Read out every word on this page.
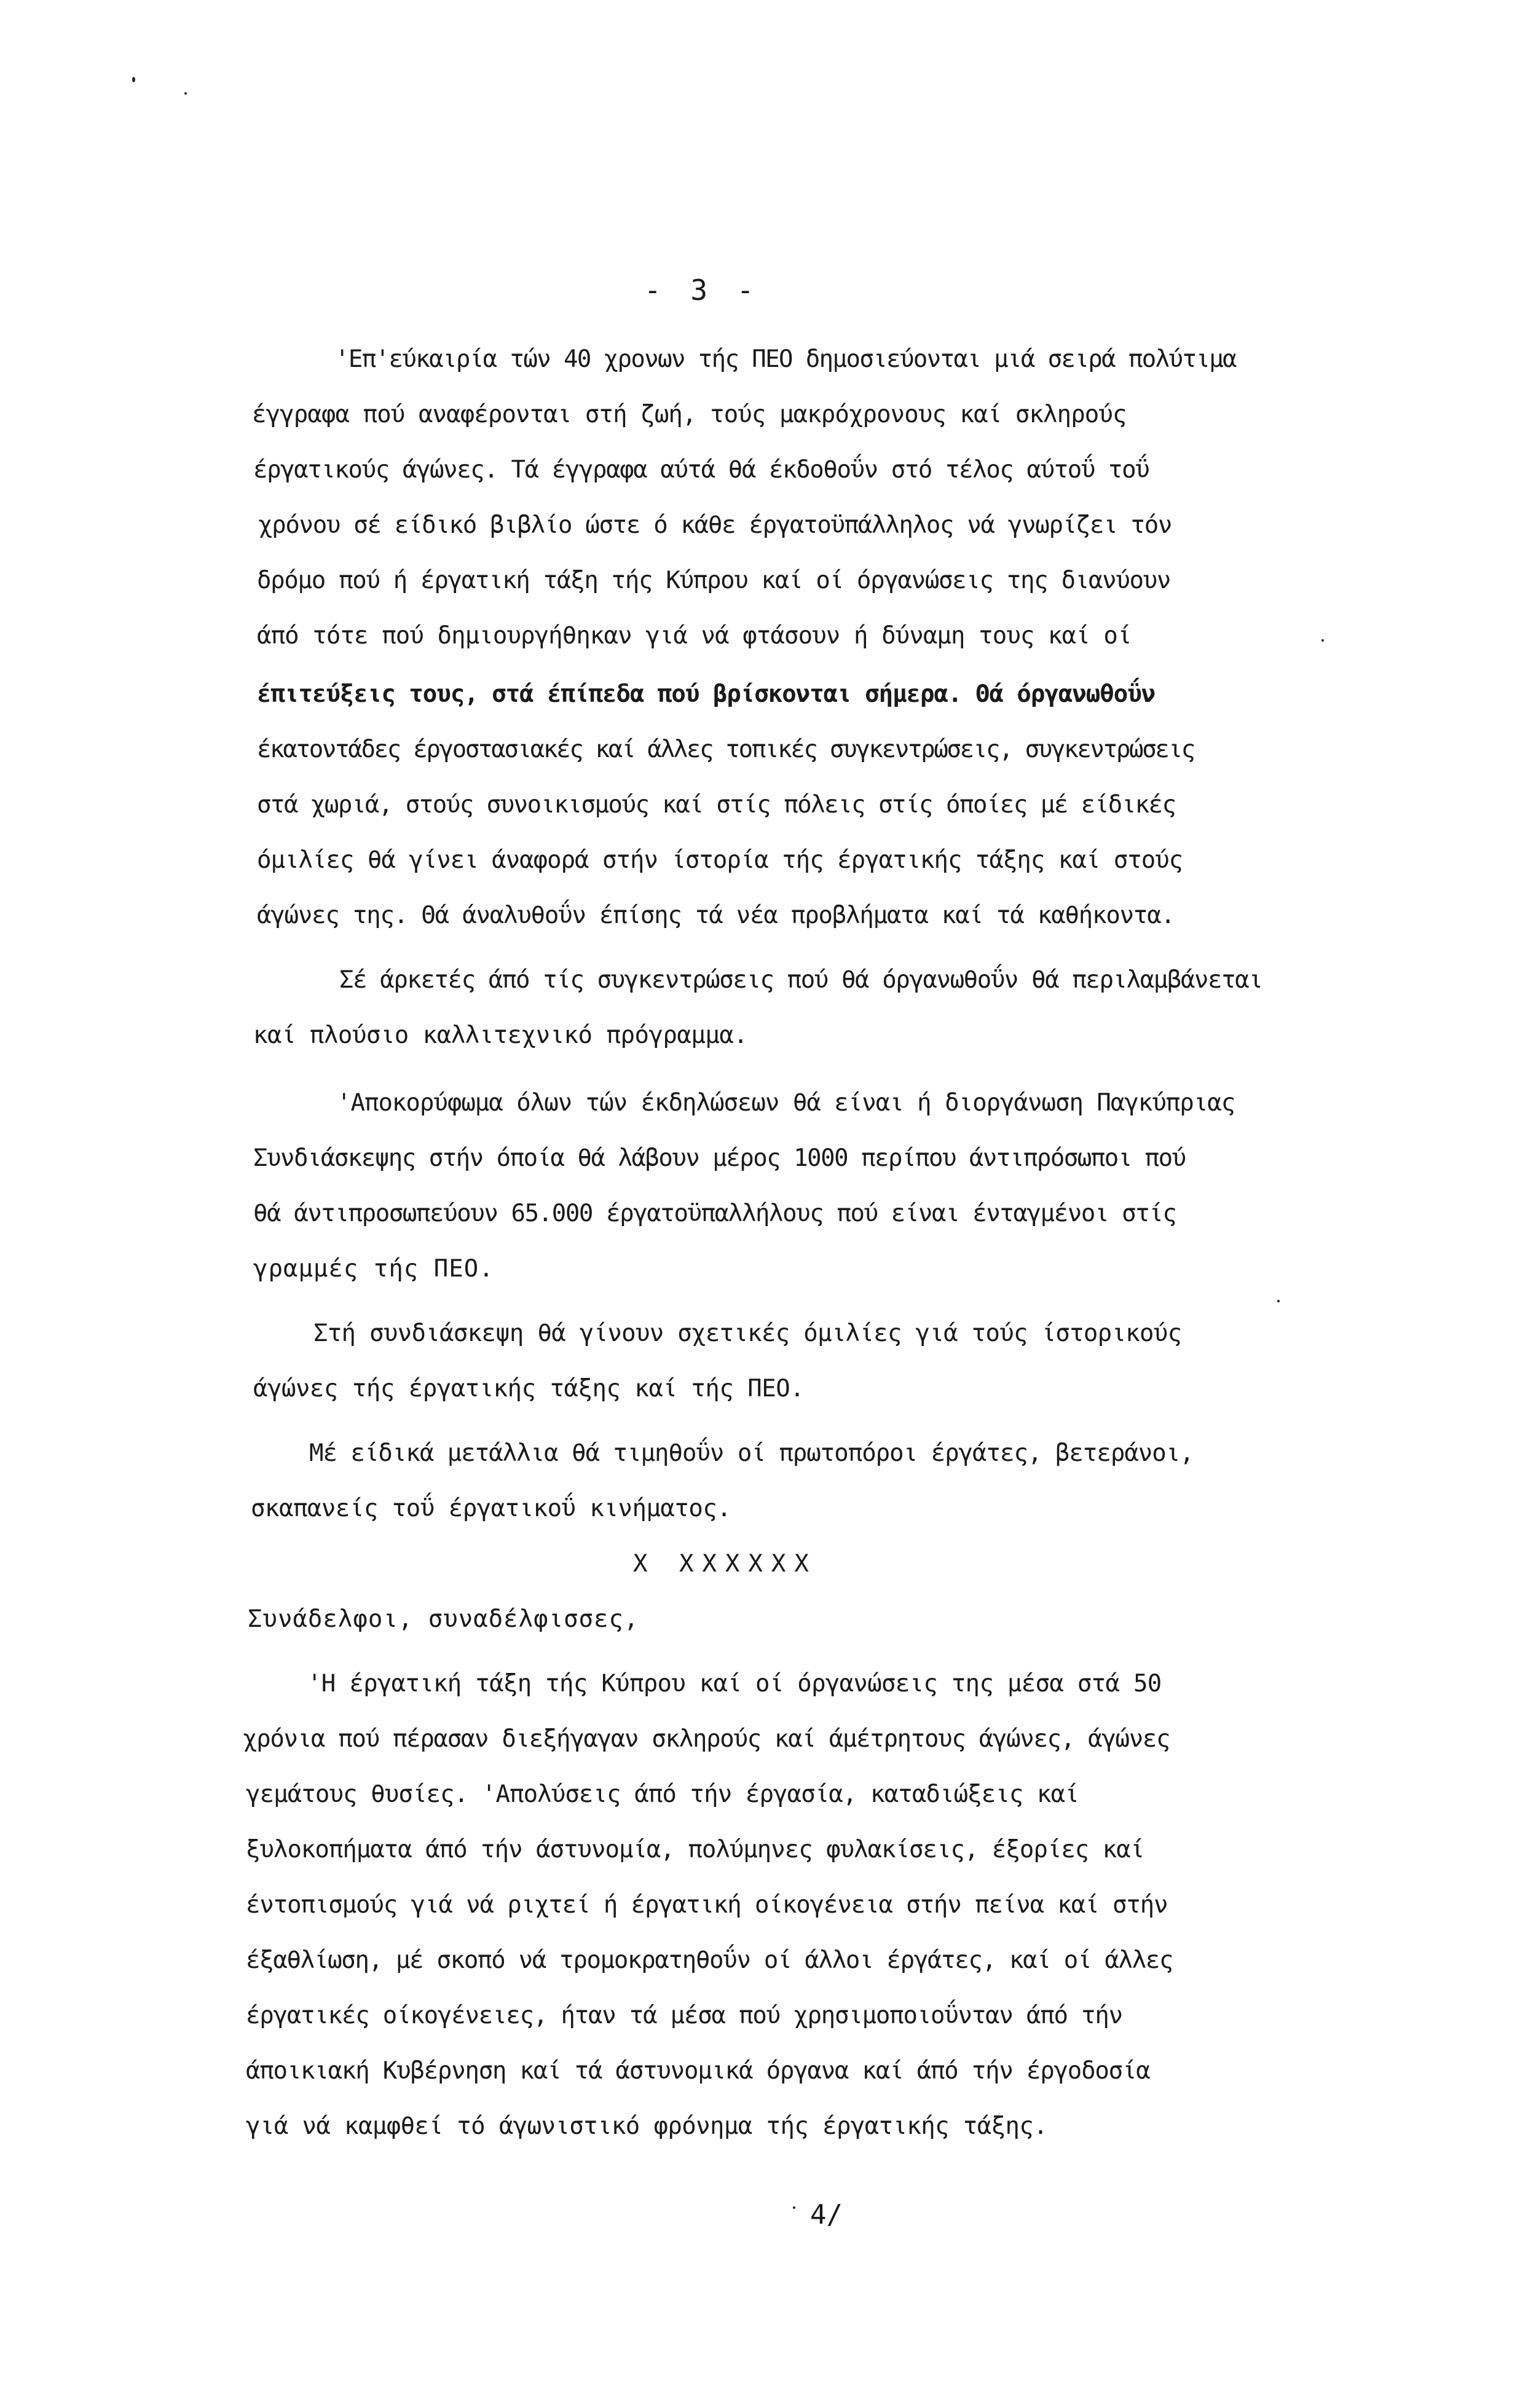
- 3 -
'Επ'εύκαιρία τών 40 χρονων τής ΠΕΟ δημοσιεύονται μιά σειρά πολύτιμα
έγγραφα πού αναφέρονται στή ζωή, τούς μακρόχρονους καί σκληρούς
έργατικούς άγώνες. Τά έγγραφα αύτά θά έκδοθοΰν στό τέλος αύτοΰ τοΰ
χρόνου σέ είδικό βιβλίο ώστε ό κάθε έργατοϋπάλληλος νά γνωρίζει τόν
δρόμο πού ή έργατική τάξη τής Κύπρου καί οί όργανώσεις της διανύουν
άπό τότε πού δημιουργήθηκαν γιά νά φτάσουν ή δύναμη τους καί οί
έπιτεύξεις τους, στά έπίπεδα πού βρίσκονται σήμερα. Θά όργανωθοΰν
έκατοντάδες έργοστασιακές καί άλλες τοπικές συγκεντρώσεις, συγκεντρώσεις
στά χωριά, στούς συνοικισμούς καί στίς πόλεις στίς όποίες μέ είδικές
όμιλίες θά γίνει άναφορά στήν ίστορία τής έργατικής τάξης καί στούς
άγώνες της. Θά άναλυθοΰν έπίσης τά νέα προβλήματα καί τά καθήκοντα.
Σέ άρκετές άπό τίς συγκεντρώσεις πού θά όργανωθοΰν θά περιλαμβάνεται
καί πλούσιο καλλιτεχνικό πρόγραμμα.
'Αποκορύφωμα όλων τών έκδηλώσεων θά είναι ή διοργάνωση Παγκύπριας
Συνδιάσκεψης στήν όποία θά λάβουν μέρος 1000 περίπου άντιπρόσωποι πού
θά άντιπροσωπεύουν 65.000 έργατοϋπαλλήλους πού είναι ένταγμένοι στίς
γραμμές τής ΠΕΟ.
Στή συνδιάσκεψη θά γίνουν σχετικές όμιλίες γιά τούς ίστορικούς
άγώνες τής έργατικής τάξης καί τής ΠΕΟ.
Μέ είδικά μετάλλια θά τιμηθοΰν οί πρωτοπόροι έργάτες, βετεράνοι,
σκαπανείς τοΰ έργατικοΰ κινήματος.
X XXXXXX
Συνάδελφοι, συναδέλφισσες,
'Η έργατική τάξη τής Κύπρου καί οί όργανώσεις της μέσα στά 50
χρόνια πού πέρασαν διεξήγαγαν σκληρούς καί άμέτρητους άγώνες, άγώνες
γεμάτους θυσίες. 'Απολύσεις άπό τήν έργασία, καταδιώξεις καί
ξυλοκοπήματα άπό τήν άστυνομία, πολύμηνες φυλακίσεις, έξορίες καί
έντοπισμούς γιά νά ριχτεί ή έργατική οίκογένεια στήν πείνα καί στήν
έξαθλίωση, μέ σκοπό νά τρομοκρατηθοΰν οί άλλοι έργάτες, καί οί άλλες
έργατικές οίκογένειες, ήταν τά μέσα πού χρησιμοποιοΰνταν άπό τήν
άποικιακή Κυβέρνηση καί τά άστυνομικά όργανα καί άπό τήν έργοδοσία
γιά νά καμφθεί τό άγωνιστικό φρόνημα τής έργατικής τάξης.
4/
